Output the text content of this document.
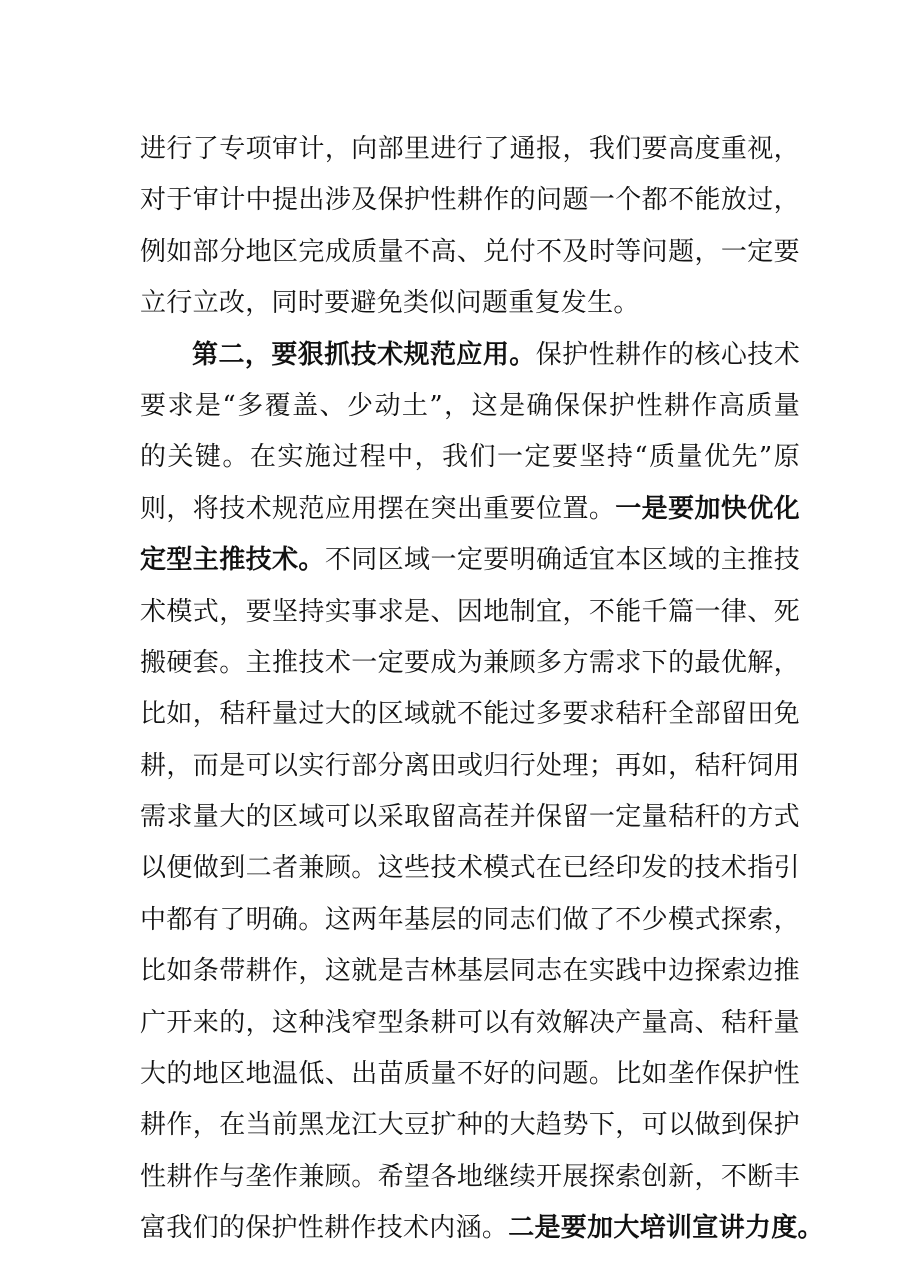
进行了专项审计，向部里进行了通报，我们要高度重视，
对于审计中提出涉及保护性耕作的问题一个都不能放过，
例如部分地区完成质量不高、兑付不及时等问题，一定要
立行立改，同时要避免类似问题重复发生。
第二，要狠抓技术规范应用。保护性耕作的核心技术
要求是“多覆盖、少动土”，这是确保保护性耕作高质量
的关键。在实施过程中，我们一定要坚持“质量优先”原
则，将技术规范应用摆在突出重要位置。一是要加快优化
定型主推技术。不同区域一定要明确适宜本区域的主推技
术模式，要坚持实事求是、因地制宜，不能千篇一律、死
搬硬套。主推技术一定要成为兼顾多方需求下的最优解，
比如，秸秆量过大的区域就不能过多要求秸秆全部留田免
耕，而是可以实行部分离田或归行处理；再如，秸秆饲用
需求量大的区域可以采取留高茬并保留一定量秸秆的方式
以便做到二者兼顾。这些技术模式在已经印发的技术指引
中都有了明确。这两年基层的同志们做了不少模式探索，
比如条带耕作，这就是吉林基层同志在实践中边探索边推
广开来的，这种浅窄型条耕可以有效解决产量高、秸秆量
大的地区地温低、出苗质量不好的问题。比如垄作保护性
耕作，在当前黑龙江大豆扩种的大趋势下，可以做到保护
性耕作与垄作兼顾。希望各地继续开展探索创新，不断丰
富我们的保护性耕作技术内涵。二是要加大培训宣讲力度。
